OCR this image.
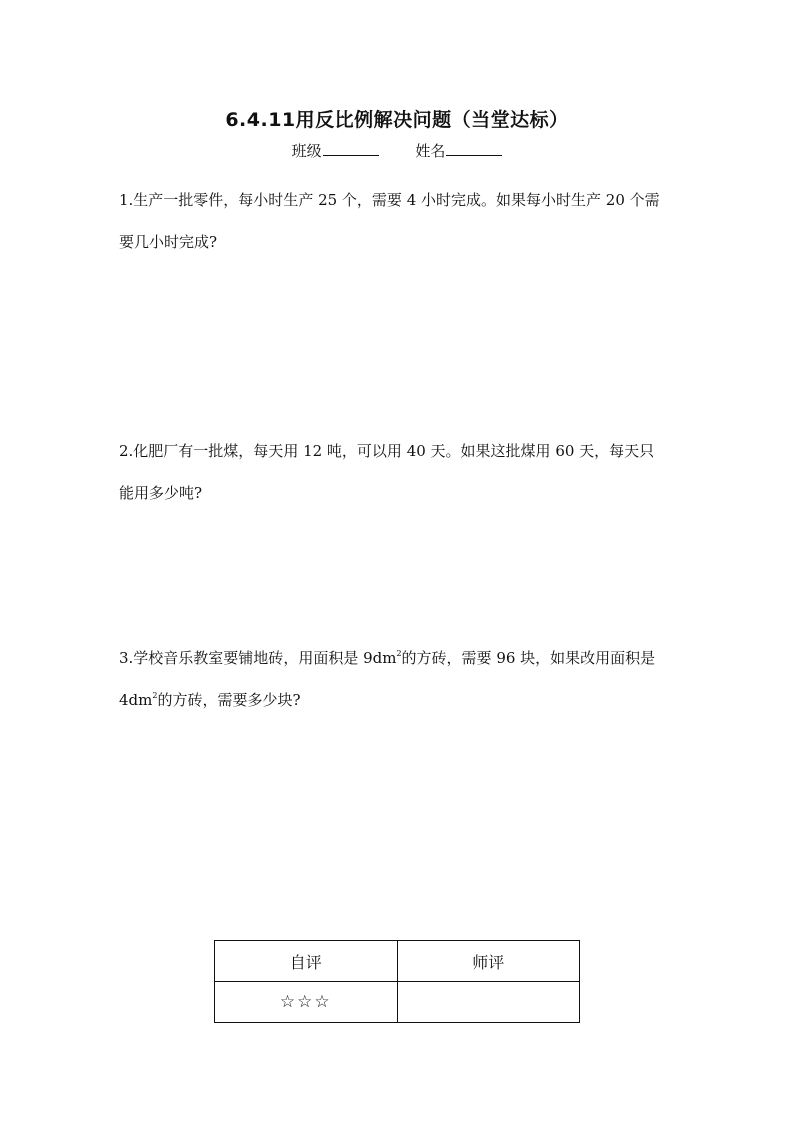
6.4.11用反比例解决问题（当堂达标）
班级	姓名

1.生产一批零件，每小时生产 25 个，需要 4 小时完成。如果每小时生产 20 个需

要几小时完成?

2.化肥厂有一批煤，每天用 12 吨，可以用 40 天。如果这批煤用 60 天，每天只

能用多少吨?

3.学校音乐教室要铺地砖，用面积是 $9dm^2$的方砖，需要 96 块，如果改用面积是

$4dm^2$的方砖，需要多少块?

自评	师评
☆☆☆	
